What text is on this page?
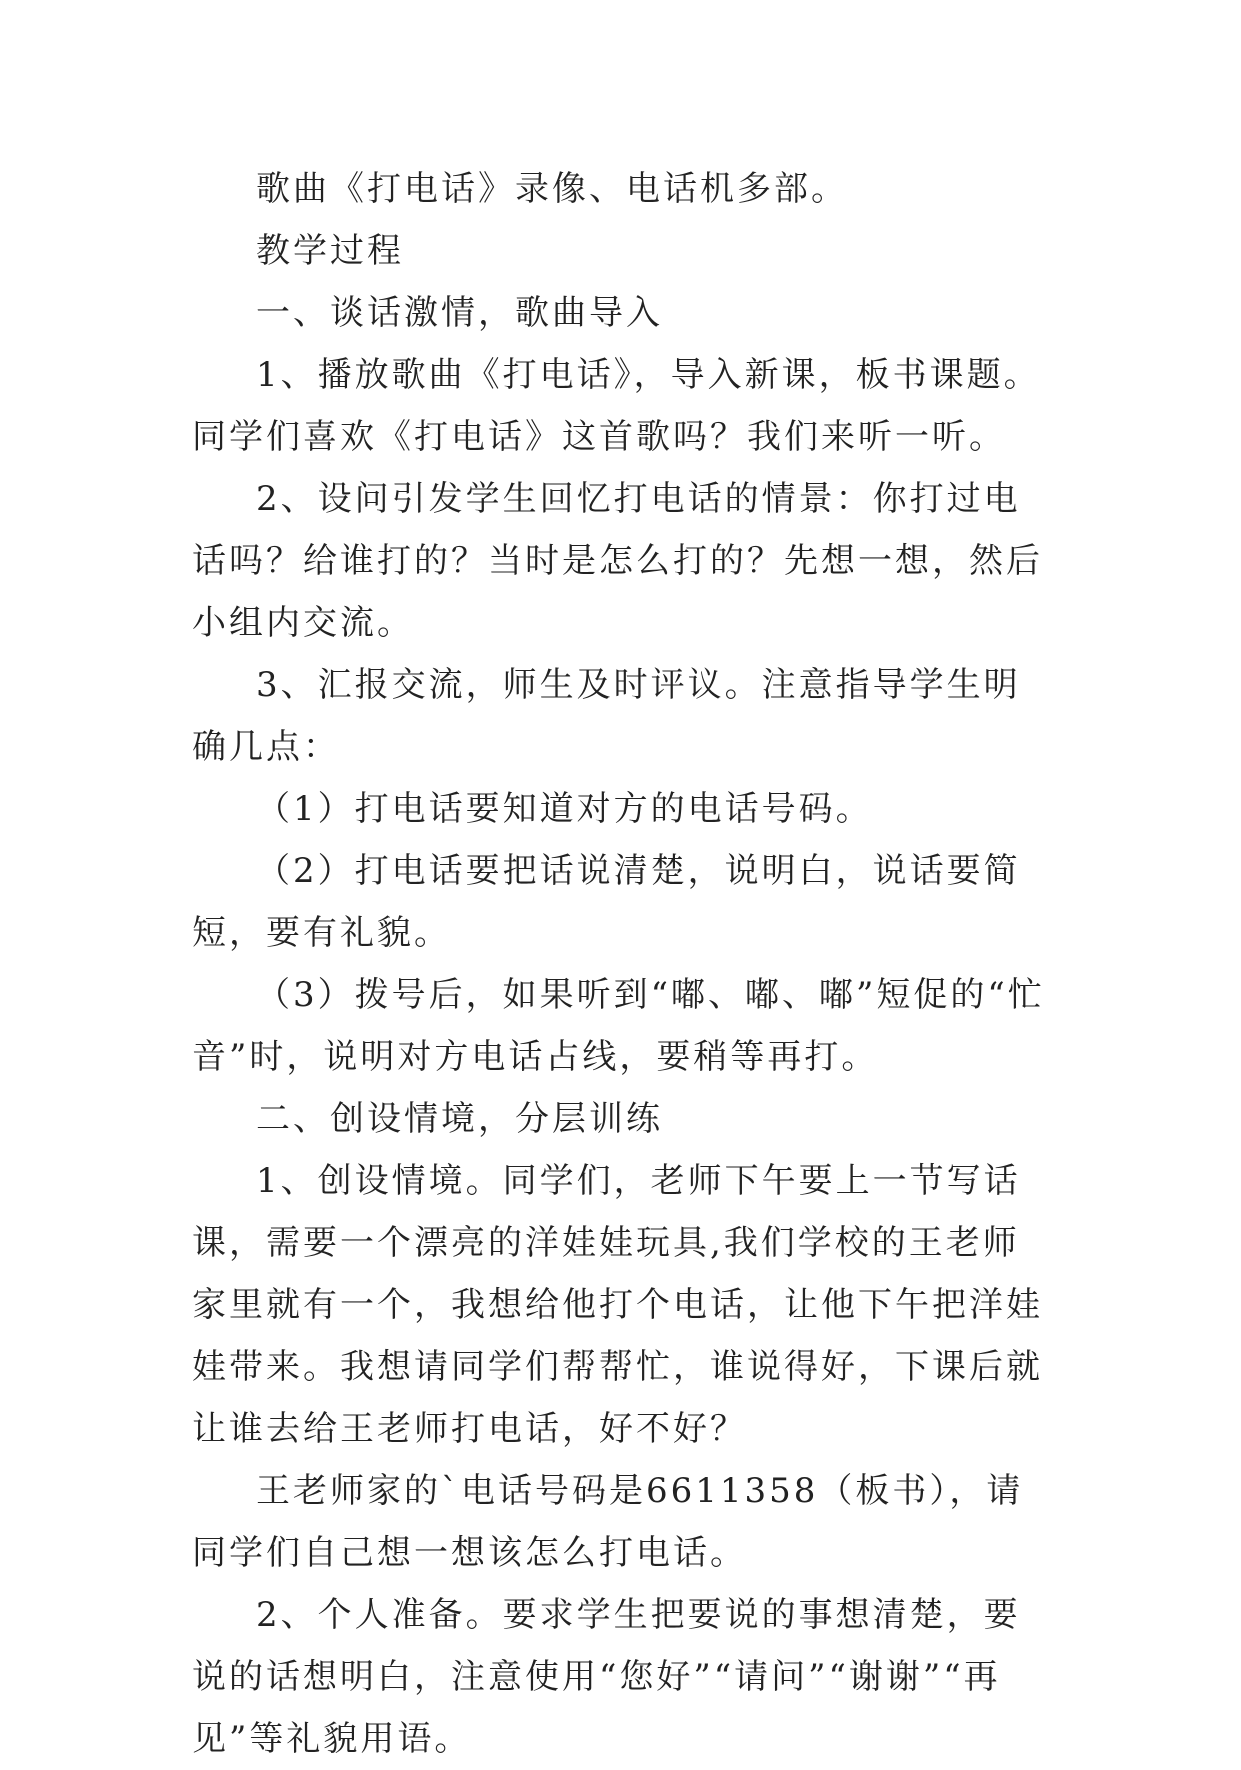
歌曲《打电话》录像、电话机多部。

教学过程

一、谈话激情，歌曲导入

1、播放歌曲《打电话》，导入新课，板书课题。同学们喜欢《打电话》这首歌吗？我们来听一听。

2、设问引发学生回忆打电话的情景：你打过电话吗？给谁打的？当时是怎么打的？先想一想，然后小组内交流。

3、汇报交流，师生及时评议。注意指导学生明确几点：

（1）打电话要知道对方的电话号码。

（2）打电话要把话说清楚，说明白，说话要简短，要有礼貌。

（3）拨号后，如果听到“嘟、嘟、嘟”短促的“忙音”时，说明对方电话占线，要稍等再打。

二、创设情境，分层训练

1、创设情境。同学们，老师下午要上一节写话课，需要一个漂亮的洋娃娃玩具,我们学校的王老师家里就有一个，我想给他打个电话，让他下午把洋娃娃带来。我想请同学们帮帮忙，谁说得好，下课后就让谁去给王老师打电话，好不好？

王老师家的`电话号码是6611358（板书），请同学们自己想一想该怎么打电话。

2、个人准备。要求学生把要说的事想清楚，要说的话想明白，注意使用“您好”“请问”“谢谢”“再见”等礼貌用语。
